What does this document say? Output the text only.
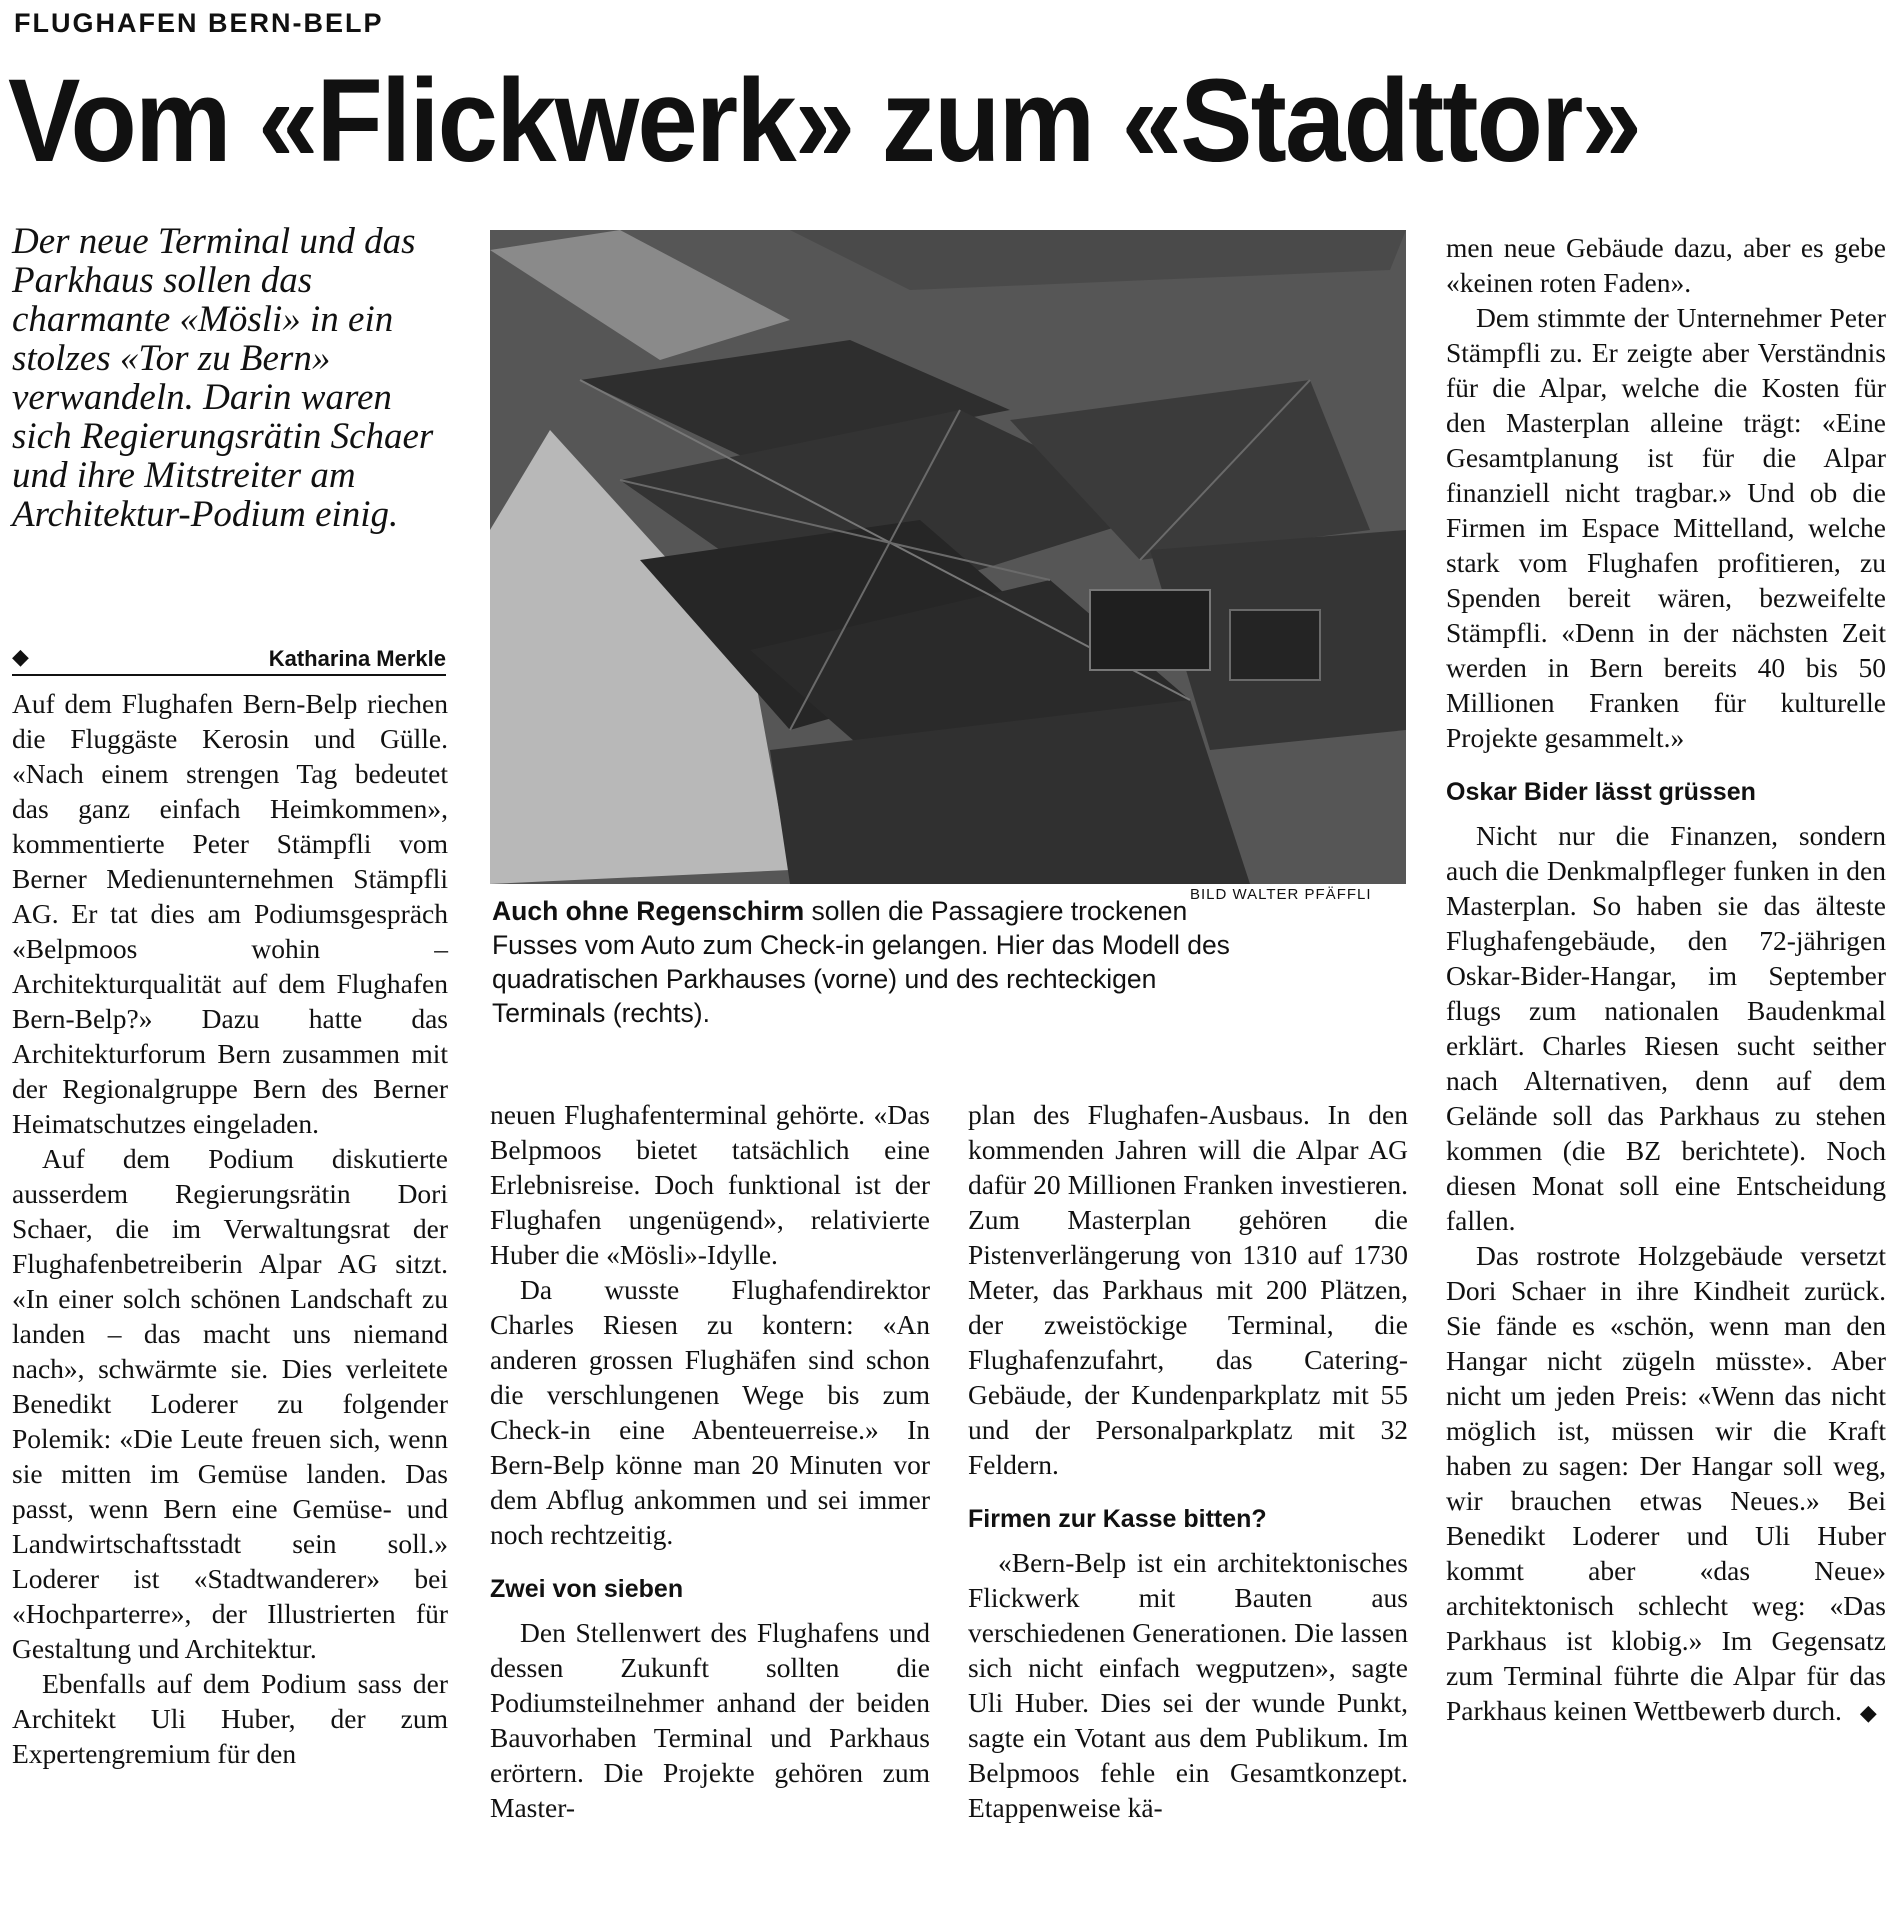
FLUGHAFEN BERN-BELP
Vom «Flickwerk» zum «Stadttor»
Der neue Terminal und das Parkhaus sollen das charmante «Mösli» in ein stolzes «Tor zu Bern» verwandeln. Darin waren sich Regierungsrätin Schaer und ihre Mitstreiter am Architektur-Podium einig.
◆	Katharina Merkle

Auf dem Flughafen Bern-Belp riechen die Fluggäste Kerosin und Gülle. «Nach einem strengen Tag bedeutet das ganz einfach Heimkommen», kommentierte Peter Stämpfli vom Berner Medienunternehmen Stämpfli AG. Er tat dies am Podiumsgespräch «Belpmoos wohin – Architekturqualität auf dem Flughafen Bern-Belp?» Dazu hatte das Architekturforum Bern zusammen mit der Regionalgruppe Bern des Berner Heimatschutzes eingeladen.

Auf dem Podium diskutierte ausserdem Regierungsrätin Dori Schaer, die im Verwaltungsrat der Flughafenbetreiberin Alpar AG sitzt. «In einer solch schönen Landschaft zu landen – das macht uns niemand nach», schwärmte sie. Dies verleitete Benedikt Loderer zu folgender Polemik: «Die Leute freuen sich, wenn sie mitten im Gemüse landen. Das passt, wenn Bern eine Gemüse- und Landwirtschaftsstadt sein soll.» Loderer ist «Stadtwanderer» bei «Hochparterre», der Illustrierten für Gestaltung und Architektur.

Ebenfalls auf dem Podium sass der Architekt Uli Huber, der zum Expertengremium für den

BILD WALTER PFÄFFLI
Auch ohne Regenschirm sollen die Passagiere trockenen Fusses vom Auto zum Check-in gelangen. Hier das Modell des quadratischen Parkhauses (vorne) und des rechteckigen Terminals (rechts).

neuen Flughafenterminal gehörte. «Das Belpmoos bietet tatsächlich eine Erlebnisreise. Doch funktional ist der Flughafen ungenügend», relativierte Huber die «Mösli»-Idylle.

Da wusste Flughafendirektor Charles Riesen zu kontern: «An anderen grossen Flughäfen sind schon die verschlungenen Wege bis zum Check-in eine Abenteuerreise.» In Bern-Belp könne man 20 Minuten vor dem Abflug ankommen und sei immer noch rechtzeitig.

Zwei von sieben

Den Stellenwert des Flughafens und dessen Zukunft sollten die Podiumsteilnehmer anhand der beiden Bauvorhaben Terminal und Parkhaus erörtern. Die Projekte gehören zum Master-

plan des Flughafen-Ausbaus. In den kommenden Jahren will die Alpar AG dafür 20 Millionen Franken investieren. Zum Masterplan gehören die Pistenverlängerung von 1310 auf 1730 Meter, das Parkhaus mit 200 Plätzen, der zweistöckige Terminal, die Flughafenzufahrt, das Catering-Gebäude, der Kundenparkplatz mit 55 und der Personalparkplatz mit 32 Feldern.

Firmen zur Kasse bitten?

«Bern-Belp ist ein architektonisches Flickwerk mit Bauten aus verschiedenen Generationen. Die lassen sich nicht einfach wegputzen», sagte Uli Huber. Dies sei der wunde Punkt, sagte ein Votant aus dem Publikum. Im Belpmoos fehle ein Gesamtkonzept. Etappenweise kä-

men neue Gebäude dazu, aber es gebe «keinen roten Faden».

Dem stimmte der Unternehmer Peter Stämpfli zu. Er zeigte aber Verständnis für die Alpar, welche die Kosten für den Masterplan alleine trägt: «Eine Gesamtplanung ist für die Alpar finanziell nicht tragbar.» Und ob die Firmen im Espace Mittelland, welche stark vom Flughafen profitieren, zu Spenden bereit wären, bezweifelte Stämpfli. «Denn in der nächsten Zeit werden in Bern bereits 40 bis 50 Millionen Franken für kulturelle Projekte gesammelt.»

Oskar Bider lässt grüssen

Nicht nur die Finanzen, sondern auch die Denkmalpfleger funken in den Masterplan. So haben sie das älteste Flughafengebäude, den 72-jährigen Oskar-Bider-Hangar, im September flugs zum nationalen Baudenkmal erklärt. Charles Riesen sucht seither nach Alternativen, denn auf dem Gelände soll das Parkhaus zu stehen kommen (die BZ berichtete). Noch diesen Monat soll eine Entscheidung fallen.

Das rostrote Holzgebäude versetzt Dori Schaer in ihre Kindheit zurück. Sie fände es «schön, wenn man den Hangar nicht zügeln müsste». Aber nicht um jeden Preis: «Wenn das nicht möglich ist, müssen wir die Kraft haben zu sagen: Der Hangar soll weg, wir brauchen etwas Neues.» Bei Benedikt Loderer und Uli Huber kommt aber «das Neue» architektonisch schlecht weg: «Das Parkhaus ist klobig.» Im Gegensatz zum Terminal führte die Alpar für das Parkhaus keinen Wettbewerb durch. ◆
